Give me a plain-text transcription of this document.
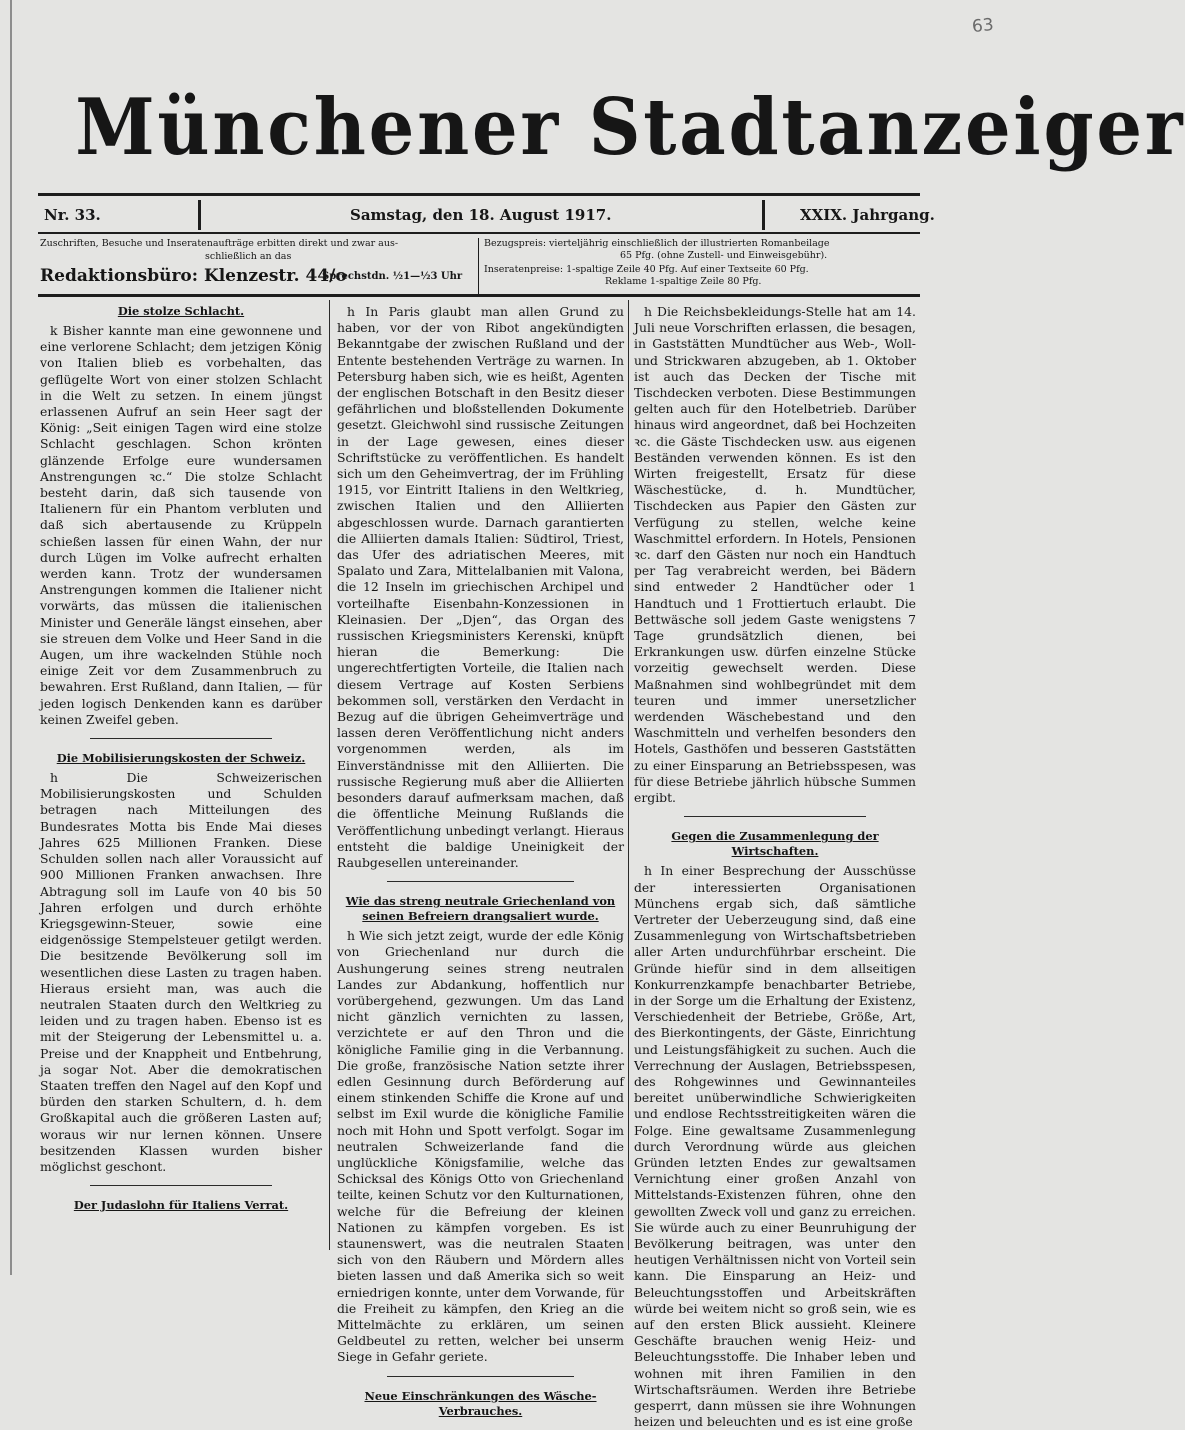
63
Münchener Stadtanzeiger
Nr. 33.	Samstag, den 18. August 1917.	XXIX. Jahrgang.
Zuschriften, Besuche und Inseratenaufträge erbitten direkt und zwar aus-
schließlich an das
Redaktionsbüro: Klenzestr. 44/o
Sprechstdn. ½1—½3 Uhr
Bezugspreis: vierteljährig einschließlich der illustrierten Romanbeilage
65 Pfg. (ohne Zustell- und Einweisgebühr).
Inseratenpreise: 1-spaltige Zeile 40 Pfg. Auf einer Textseite 60 Pfg.
Reklame 1-spaltige Zeile 80 Pfg.
Die stolze Schlacht.

k Bisher kannte man eine gewonnene und eine verlorene Schlacht; dem jetzigen König von Italien blieb es vorbehalten, das geflügelte Wort von einer stolzen Schlacht in die Welt zu setzen. In einem jüngst erlassenen Aufruf an sein Heer sagt der König: „Seit einigen Tagen wird eine stolze Schlacht geschlagen. Schon krönten glänzende Erfolge eure wundersamen Anstrengungen ꝛc.“ Die stolze Schlacht besteht darin, daß sich tausende von Italienern für ein Phantom verbluten und daß sich abertausende zu Krüppeln schießen lassen für einen Wahn, der nur durch Lügen im Volke aufrecht erhalten werden kann. Trotz der wundersamen Anstrengungen kommen die Italiener nicht vorwärts, das müssen die italienischen Minister und Generäle längst einsehen, aber sie streuen dem Volke und Heer Sand in die Augen, um ihre wackelnden Stühle noch einige Zeit vor dem Zusammenbruch zu bewahren. Erst Rußland, dann Italien, — für jeden logisch Denkenden kann es darüber keinen Zweifel geben.

Die Mobilisierungskosten der Schweiz.

h Die Schweizerischen Mobilisierungskosten und Schulden betragen nach Mitteilungen des Bundesrates Motta bis Ende Mai dieses Jahres 625 Millionen Franken. Diese Schulden sollen nach aller Voraussicht auf 900 Millionen Franken anwachsen. Ihre Abtragung soll im Laufe von 40 bis 50 Jahren erfolgen und durch erhöhte Kriegsgewinn-Steuer, sowie eine eidgenössige Stempelsteuer getilgt werden. Die besitzende Bevölkerung soll im wesentlichen diese Lasten zu tragen haben. Hieraus ersieht man, was auch die neutralen Staaten durch den Weltkrieg zu leiden und zu tragen haben. Ebenso ist es mit der Steigerung der Lebensmittel u. a. Preise und der Knappheit und Entbehrung, ja sogar Not. Aber die demokratischen Staaten treffen den Nagel auf den Kopf und bürden den starken Schultern, d. h. dem Großkapital auch die größeren Lasten auf; woraus wir nur lernen können. Unsere besitzenden Klassen wurden bisher möglichst geschont.

Der Judaslohn für Italiens Verrat.

h In Paris glaubt man allen Grund zu haben, vor der von Ribot angekündigten Bekanntgabe der zwischen Rußland und der Entente bestehenden Verträge zu warnen. In Petersburg haben sich, wie es heißt, Agenten der englischen Botschaft in den Besitz dieser gefährlichen und bloßstellenden Dokumente gesetzt. Gleichwohl sind russische Zeitungen in der Lage gewesen, eines dieser Schriftstücke zu veröffentlichen. Es handelt sich um den Geheimvertrag, der im Frühling 1915, vor Eintritt Italiens in den Weltkrieg, zwischen Italien und den Alliierten abgeschlossen wurde. Darnach garantierten die Alliierten damals Italien: Südtirol, Triest, das Ufer des adriatischen Meeres, mit Spalato und Zara, Mittelalbanien mit Valona, die 12 Inseln im griechischen Archipel und vorteilhafte Eisenbahn-Konzessionen in Kleinasien. Der „Djen“, das Organ des russischen Kriegsministers Kerenski, knüpft hieran die Bemerkung: Die ungerechtfertigten Vorteile, die Italien nach diesem Vertrage auf Kosten Serbiens bekommen soll, verstärken den Verdacht in Bezug auf die übrigen Geheimverträge und lassen deren Veröffentlichung nicht anders vorgenommen werden, als im Einverständnisse mit den Alliierten. Die russische Regierung muß aber die Alliierten besonders darauf aufmerksam machen, daß die öffentliche Meinung Rußlands die Veröffentlichung unbedingt verlangt. Hieraus entsteht die baldige Uneinigkeit der Raubgesellen untereinander.

Wie das streng neutrale Griechenland von seinen Befreiern drangsaliert wurde.

h Wie sich jetzt zeigt, wurde der edle König von Griechenland nur durch die Aushungerung seines streng neutralen Landes zur Abdankung, hoffentlich nur vorübergehend, gezwungen. Um das Land nicht gänzlich vernichten zu lassen, verzichtete er auf den Thron und die königliche Familie ging in die Verbannung. Die große, französische Nation setzte ihrer edlen Gesinnung durch Beförderung auf einem stinkenden Schiffe die Krone auf und selbst im Exil wurde die königliche Familie noch mit Hohn und Spott verfolgt. Sogar im neutralen Schweizerlande fand die unglückliche Königsfamilie, welche das Schicksal des Königs Otto von Griechenland teilte, keinen Schutz vor den Kulturnationen, welche für die Befreiung der kleinen Nationen zu kämpfen vorgeben. Es ist staunenswert, was die neutralen Staaten sich von den Räubern und Mördern alles bieten lassen und daß Amerika sich so weit erniedrigen konnte, unter dem Vorwande, für die Freiheit zu kämpfen, den Krieg an die Mittelmächte zu erklären, um seinen Geldbeutel zu retten, welcher bei unserm Siege in Gefahr geriete.

Neue Einschränkungen des Wäsche-Verbrauches.

h Die Reichsbekleidungs-Stelle hat am 14. Juli neue Vorschriften erlassen, die besagen, in Gaststätten Mundtücher aus Web-, Woll- und Strickwaren abzugeben, ab 1. Oktober ist auch das Decken der Tische mit Tischdecken verboten. Diese Bestimmungen gelten auch für den Hotelbetrieb. Darüber hinaus wird angeordnet, daß bei Hochzeiten ꝛc. die Gäste Tischdecken usw. aus eigenen Beständen verwenden können. Es ist den Wirten freigestellt, Ersatz für diese Wäschestücke, d. h. Mundtücher, Tischdecken aus Papier den Gästen zur Verfügung zu stellen, welche keine Waschmittel erfordern. In Hotels, Pensionen ꝛc. darf den Gästen nur noch ein Handtuch per Tag verabreicht werden, bei Bädern sind entweder 2 Handtücher oder 1 Handtuch und 1 Frottiertuch erlaubt. Die Bettwäsche soll jedem Gaste wenigstens 7 Tage grundsätzlich dienen, bei Erkrankungen usw. dürfen einzelne Stücke vorzeitig gewechselt werden. Diese Maßnahmen sind wohlbegründet mit dem teuren und immer unersetzlicher werdenden Wäschebestand und den Waschmitteln und verhelfen besonders den Hotels, Gasthöfen und besseren Gaststätten zu einer Einsparung an Betriebsspesen, was für diese Betriebe jährlich hübsche Summen ergibt.

Gegen die Zusammenlegung der Wirtschaften.

h In einer Besprechung der Ausschüsse der interessierten Organisationen Münchens ergab sich, daß sämtliche Vertreter der Ueberzeugung sind, daß eine Zusammenlegung von Wirtschaftsbetrieben aller Arten undurchführbar erscheint. Die Gründe hiefür sind in dem allseitigen Konkurrenzkampfe benachbarter Betriebe, in der Sorge um die Erhaltung der Existenz, Verschiedenheit der Betriebe, Größe, Art, des Bierkontingents, der Gäste, Einrichtung und Leistungsfähigkeit zu suchen. Auch die Verrechnung der Auslagen, Betriebsspesen, des Rohgewinnes und Gewinnanteiles bereitet unüberwindliche Schwierigkeiten und endlose Rechtsstreitigkeiten wären die Folge. Eine gewaltsame Zusammenlegung durch Verordnung würde aus gleichen Gründen letzten Endes zur gewaltsamen Vernichtung einer großen Anzahl von Mittelstands-Existenzen führen, ohne den gewollten Zweck voll und ganz zu erreichen. Sie würde auch zu einer Beunruhigung der Bevölkerung beitragen, was unter den heutigen Verhältnissen nicht von Vorteil sein kann. Die Einsparung an Heiz- und Beleuchtungsstoffen und Arbeitskräften würde bei weitem nicht so groß sein, wie es auf den ersten Blick aussieht. Kleinere Geschäfte brauchen wenig Heiz- und Beleuchtungsstoffe. Die Inhaber leben und wohnen mit ihren Familien in den Wirtschaftsräumen. Werden ihre Betriebe gesperrt, dann müssen sie ihre Wohnungen heizen und beleuchten und es ist eine große
